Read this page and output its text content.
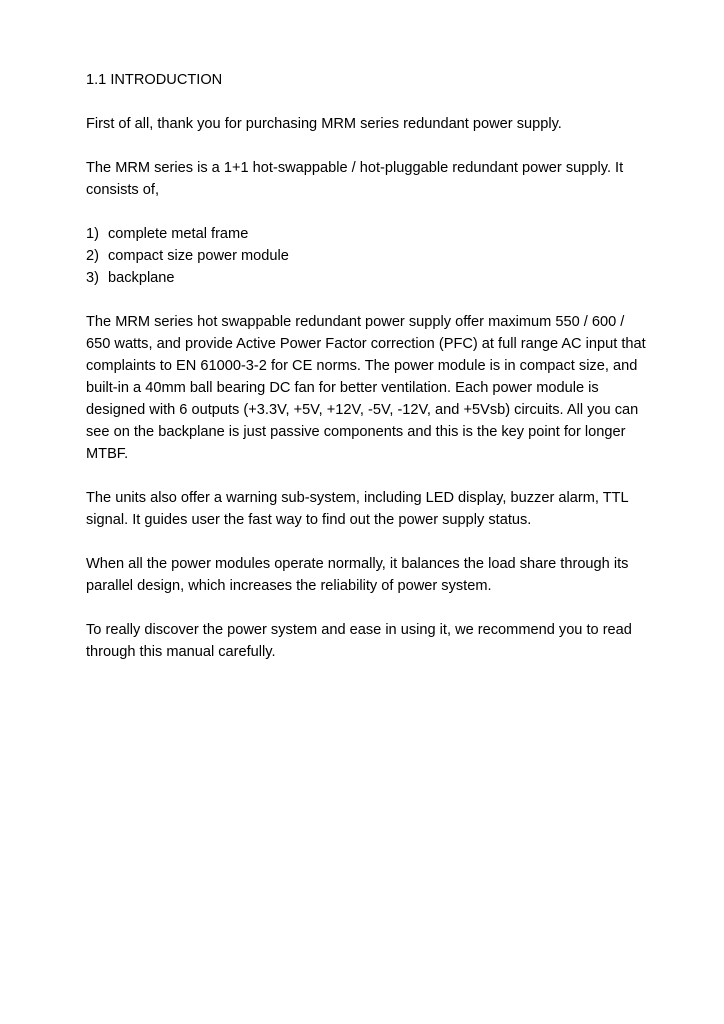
1.1 INTRODUCTION

First of all, thank you for purchasing MRM series redundant power supply.

The MRM series is a 1+1 hot-swappable / hot-pluggable redundant power supply. It consists of,

1) complete metal frame
2) compact size power module
3) backplane

The MRM series hot swappable redundant power supply offer maximum 550 / 600 / 650 watts, and provide Active Power Factor correction (PFC) at full range AC input that complaints to EN 61000-3-2 for CE norms. The power module is in compact size, and built-in a 40mm ball bearing DC fan for better ventilation. Each power module is designed with 6 outputs (+3.3V, +5V, +12V, -5V, -12V, and +5Vsb) circuits. All you can see on the backplane is just passive components and this is the key point for longer MTBF.

The units also offer a warning sub-system, including LED display, buzzer alarm, TTL signal. It guides user the fast way to find out the power supply status.

When all the power modules operate normally, it balances the load share through its parallel design, which increases the reliability of power system.

To really discover the power system and ease in using it, we recommend you to read through this manual carefully.
